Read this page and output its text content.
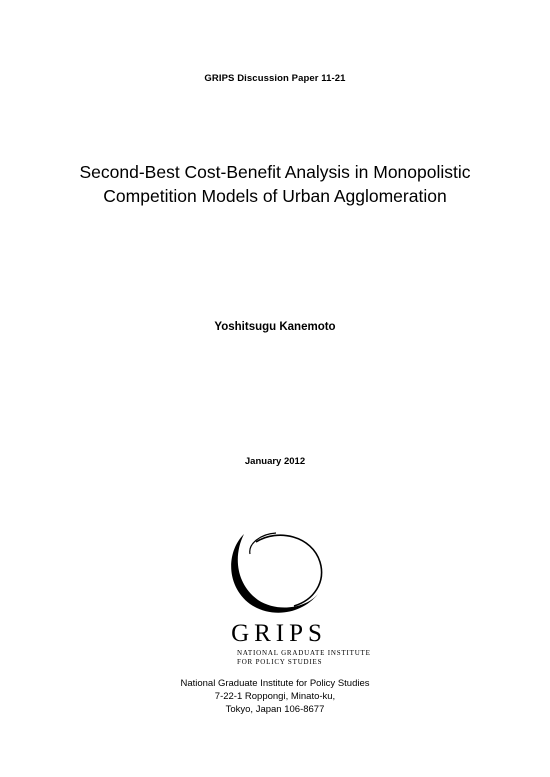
GRIPS Discussion Paper 11-21
Second-Best Cost-Benefit Analysis in Monopolistic
Competition Models of Urban Agglomeration
Yoshitsugu Kanemoto
January 2012
GRIPS
NATIONAL GRADUATE INSTITUTE
FOR POLICY STUDIES
National Graduate Institute for Policy Studies
7-22-1 Roppongi, Minato-ku,
Tokyo, Japan 106-8677
